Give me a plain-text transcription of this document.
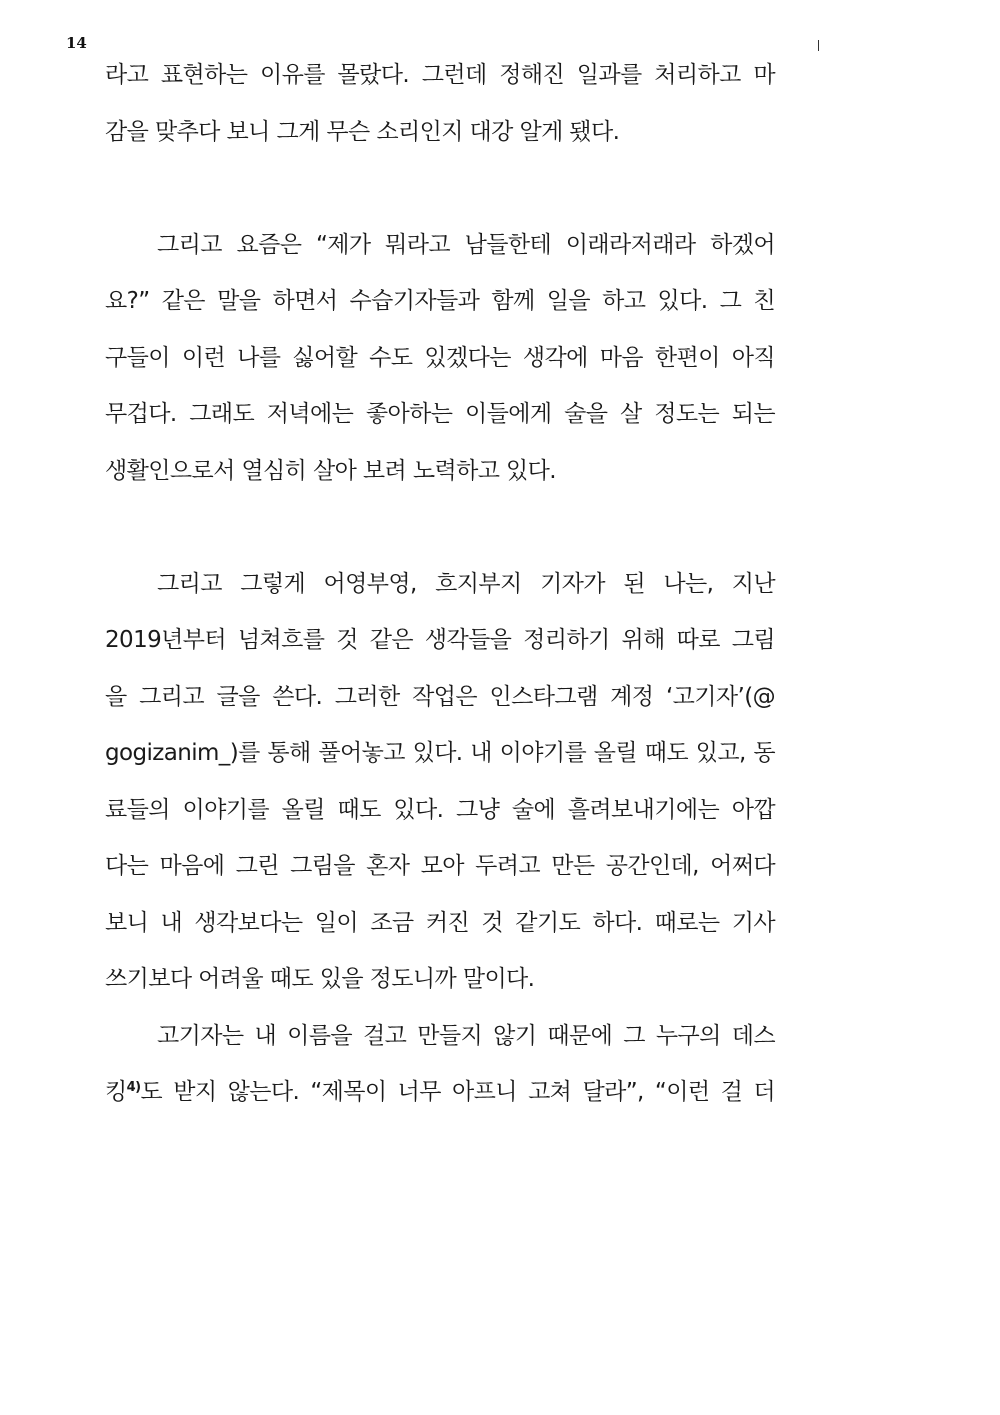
14
라고 표현하는 이유를 몰랐다. 그런데 정해진 일과를 처리하고 마
감을 맞추다 보니 그게 무슨 소리인지 대강 알게 됐다.
그리고 요즘은 “제가 뭐라고 남들한테 이래라저래라 하겠어
요?” 같은 말을 하면서 수습기자들과 함께 일을 하고 있다. 그 친
구들이 이런 나를 싫어할 수도 있겠다는 생각에 마음 한편이 아직
무겁다. 그래도 저녁에는 좋아하는 이들에게 술을 살 정도는 되는
생활인으로서 열심히 살아 보려 노력하고 있다.
그리고 그렇게 어영부영, 흐지부지 기자가 된 나는, 지난
2019년부터 넘쳐흐를 것 같은 생각들을 정리하기 위해 따로 그림
을 그리고 글을 쓴다. 그러한 작업은 인스타그램 계정 ‘고기자’(@
gogizanim_)를 통해 풀어놓고 있다. 내 이야기를 올릴 때도 있고, 동
료들의 이야기를 올릴 때도 있다. 그냥 술에 흘려보내기에는 아깝
다는 마음에 그린 그림을 혼자 모아 두려고 만든 공간인데, 어쩌다
보니 내 생각보다는 일이 조금 커진 것 같기도 하다. 때로는 기사
쓰기보다 어려울 때도 있을 정도니까 말이다.
고기자는 내 이름을 걸고 만들지 않기 때문에 그 누구의 데스
킹$^{4)}$도 받지 않는다. “제목이 너무 아프니 고쳐 달라”, “이런 걸 더
